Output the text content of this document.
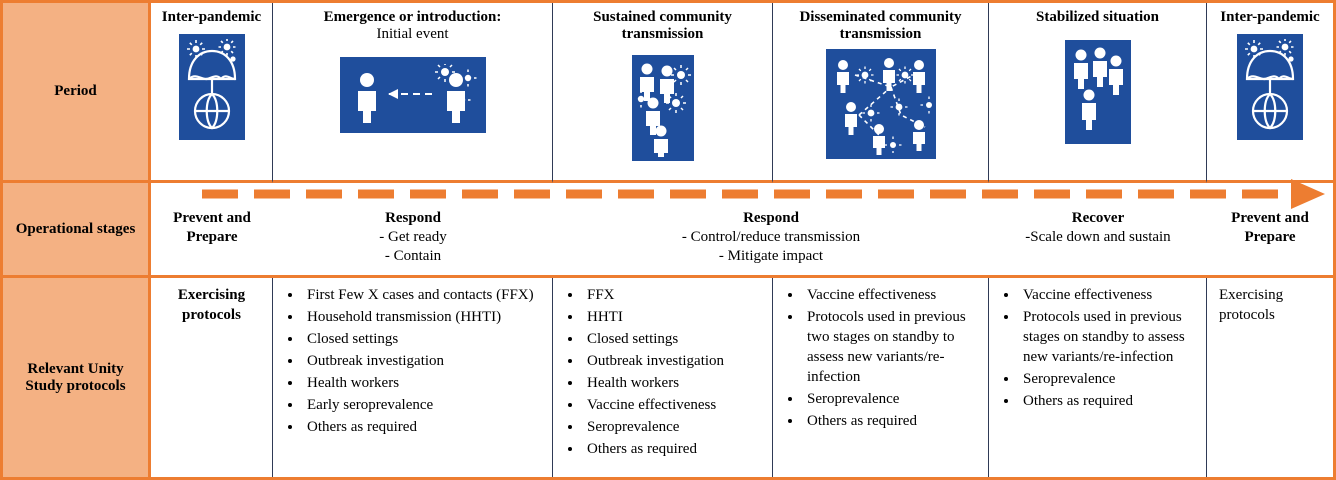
Period
Inter-pandemic	Emergence or introduction:
Initial event
Sustained community transmission
Disseminated community transmission
Stabilized situation	Inter-pandemic
Operational stages
Prevent and Prepare
Respond
- Get ready
- Contain
Respond
- Control/reduce transmission
- Mitigate impact
Recover
-Scale down and sustain
Prevent and Prepare
Relevant Unity Study protocols
Exercising protocols
• First Few X cases and contacts (FFX)
• Household transmission (HHTI)
• Closed settings
• Outbreak investigation
• Health workers
• Early seroprevalence
• Others as required
• FFX
• HHTI
• Closed settings
• Outbreak investigation
• Health workers
• Vaccine effectiveness
• Seroprevalence
• Others as required
• Vaccine effectiveness
• Protocols used in previous two stages on standby to assess new variants/re-infection
• Seroprevalence
• Others as required
• Vaccine effectiveness
• Protocols used in previous stages on standby to assess new variants/re-infection
• Seroprevalence
• Others as required
Exercising protocols
